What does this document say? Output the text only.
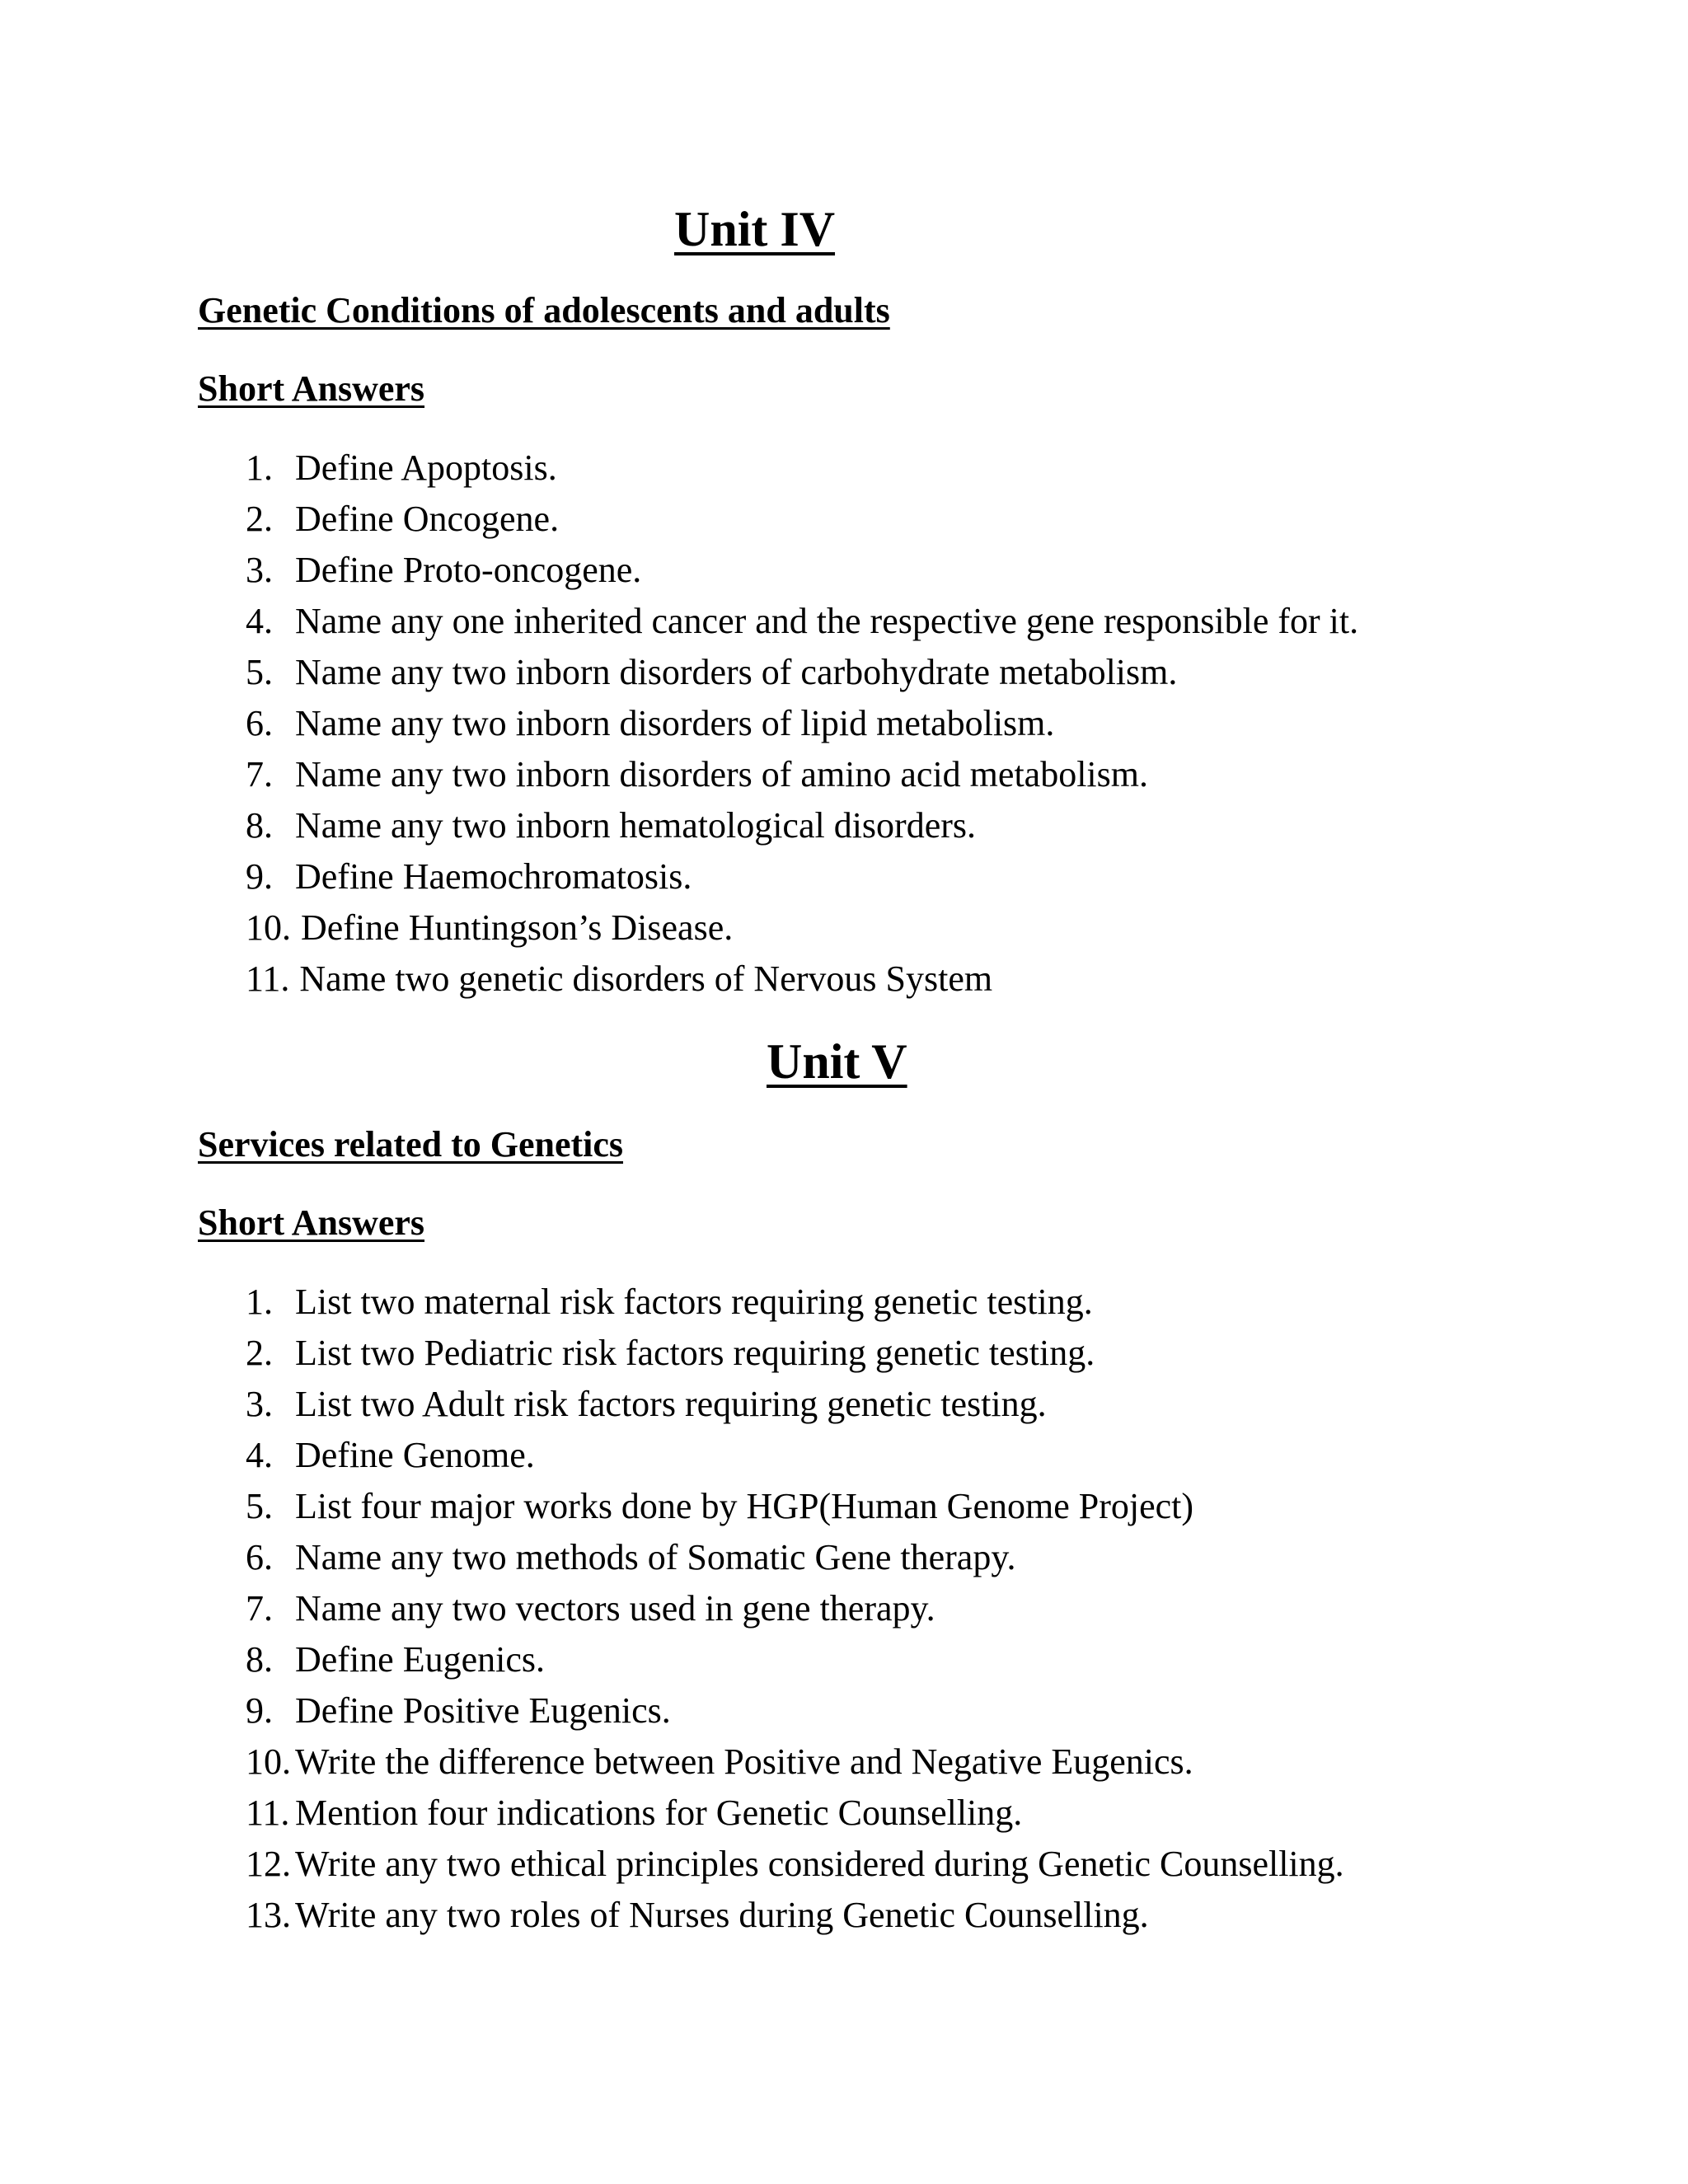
Unit IV
Genetic Conditions of adolescents and adults
Short Answers
1. Define Apoptosis.
2. Define Oncogene.
3. Define Proto-oncogene.
4. Name any one inherited cancer and the respective gene responsible for it.
5. Name any two inborn disorders of carbohydrate metabolism.
6. Name any two inborn disorders of lipid metabolism.
7. Name any two inborn disorders of amino acid metabolism.
8. Name any two inborn hematological disorders.
9. Define Haemochromatosis.
10. Define Huntingson’s Disease.
11. Name two genetic disorders of Nervous System
Unit V
Services related to Genetics
Short Answers
1. List two maternal risk factors requiring genetic testing.
2. List two Pediatric risk factors requiring genetic testing.
3. List two Adult risk factors requiring genetic testing.
4. Define Genome.
5. List four major works done by HGP(Human Genome Project)
6. Name any two methods of Somatic Gene therapy.
7. Name any two vectors used in gene therapy.
8. Define Eugenics.
9. Define Positive Eugenics.
10. Write the difference between Positive and Negative Eugenics.
11. Mention four indications for Genetic Counselling.
12. Write any two ethical principles considered during Genetic Counselling.
13. Write any two roles of Nurses during Genetic Counselling.
